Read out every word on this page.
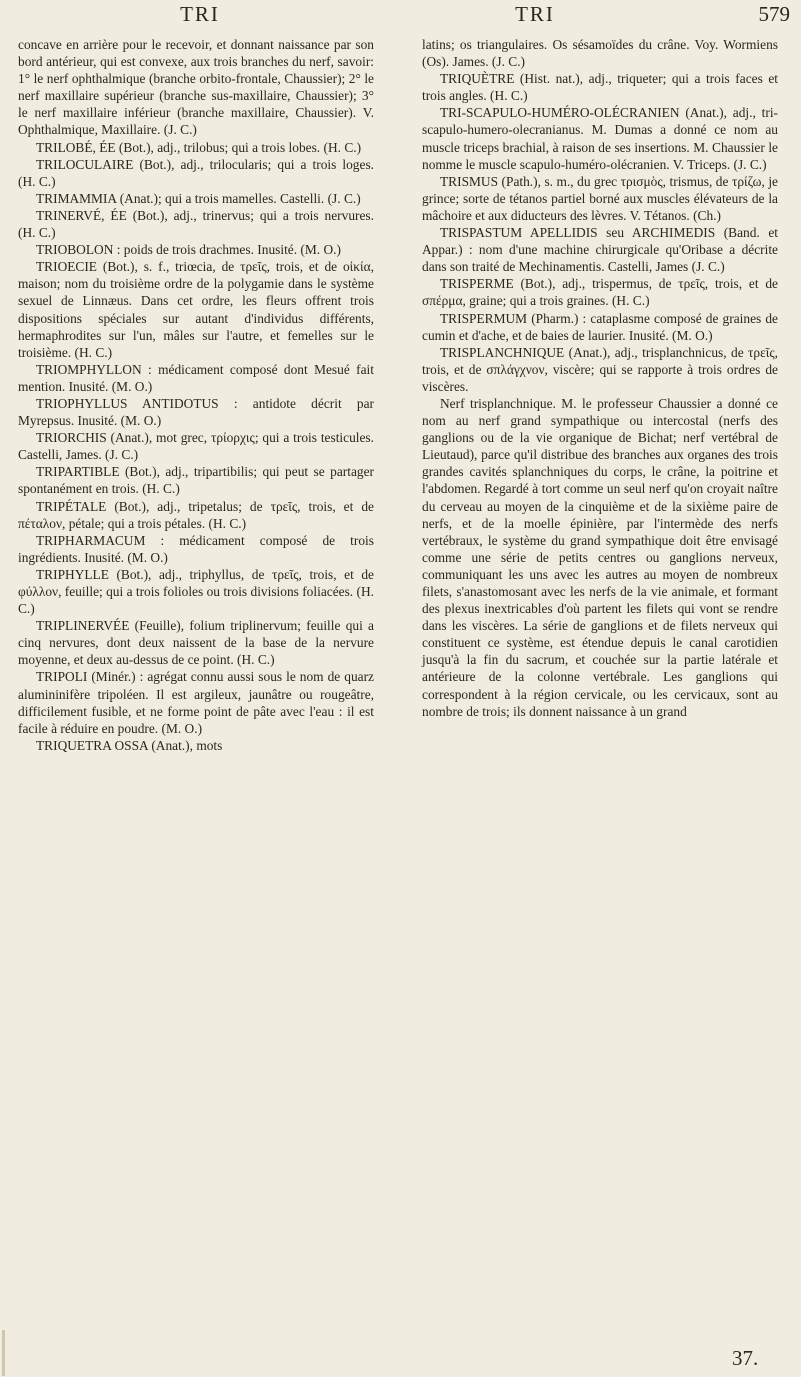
TRI	TRI	579

concave en arrière pour le recevoir, et donnant naissance par son bord antérieur, qui est convexe, aux trois branches du nerf, savoir: 1° le nerf ophthalmique (branche orbito-frontale, Chaussier); 2° le nerf maxillaire supérieur (branche sus-maxillaire, Chaussier); 3° le nerf maxillaire inférieur (branche maxillaire, Chaussier). V. Ophthalmique, Maxillaire. (J. C.)

TRILOBÉ, ÉE (Bot.), adj., trilobus; qui a trois lobes. (H. C.)

TRILOCULAIRE (Bot.), adj., trilocularis; qui a trois loges. (H. C.)

TRIMAMMIA (Anat.); qui a trois mamelles. Castelli. (J. C.)

TRINERVÉ, ÉE (Bot.), adj., trinervus; qui a trois nervures. (H. C.)

TRIOBOLON : poids de trois drachmes. Inusité. (M. O.)

TRIOECIE (Bot.), s. f., triœcia, de τρεῖς, trois, et de οἰκία, maison; nom du troisième ordre de la polygamie dans le système sexuel de Linnæus. Dans cet ordre, les fleurs offrent trois dispositions spéciales sur autant d'individus différents, hermaphrodites sur l'un, mâles sur l'autre, et femelles sur le troisième. (H. C.)

TRIOMPHYLLON : médicament composé dont Mesué fait mention. Inusité. (M. O.)

TRIOPHYLLUS ANTIDOTUS : antidote décrit par Myrepsus. Inusité. (M. O.)

TRIORCHIS (Anat.), mot grec, τρίορχις; qui a trois testicules. Castelli, James. (J. C.)

TRIPARTIBLE (Bot.), adj., tripartibilis; qui peut se partager spontanément en trois. (H. C.)

TRIPÉTALE (Bot.), adj., tripetalus; de τρεῖς, trois, et de πέταλον, pétale; qui a trois pétales. (H. C.)

TRIPHARMACUM : médicament composé de trois ingrédients. Inusité. (M. O.)

TRIPHYLLE (Bot.), adj., triphyllus, de τρεῖς, trois, et de φύλλον, feuille; qui a trois folioles ou trois divisions foliacées. (H. C.)

TRIPLINERVÉE (Feuille), folium triplinervum; feuille qui a cinq nervures, dont deux naissent de la base de la nervure moyenne, et deux au-dessus de ce point. (H. C.)

TRIPOLI (Minér.) : agrégat connu aussi sous le nom de quarz alumininifère tripoléen. Il est argileux, jaunâtre ou rougeâtre, difficilement fusible, et ne forme point de pâte avec l'eau : il est facile à réduire en poudre. (M. O.)

TRIQUETRA OSSA (Anat.), mots

latins; os triangulaires. Os sésamoïdes du crâne. Voy. Wormiens (Os). James. (J. C.)

TRIQUÈTRE (Hist. nat.), adj., triqueter; qui a trois faces et trois angles. (H. C.)

TRI-SCAPULO-HUMÉRO-OLÉCRANIEN (Anat.), adj., tri-scapulo-humero-olecranianus. M. Dumas a donné ce nom au muscle triceps brachial, à raison de ses insertions. M. Chaussier le nomme le muscle scapulo-huméro-olécranien. V. Triceps. (J. C.)

TRISMUS (Path.), s. m., du grec τρισμὸς, trismus, de τρίζω, je grince; sorte de tétanos partiel borné aux muscles élévateurs de la mâchoire et aux diducteurs des lèvres. V. Tétanos. (Ch.)

TRISPASTUM APELLIDIS seu ARCHIMEDIS (Band. et Appar.) : nom d'une machine chirurgicale qu'Oribase a décrite dans son traité de Mechinamentis. Castelli, James (J. C.)

TRISPERME (Bot.), adj., trispermus, de τρεῖς, trois, et de σπέρμα, graine; qui a trois graines. (H. C.)

TRISPERMUM (Pharm.) : cataplasme composé de graines de cumin et d'ache, et de baies de laurier. Inusité. (M. O.)

TRISPLANCHNIQUE (Anat.), adj., trisplanchnicus, de τρεῖς, trois, et de σπλάγχνον, viscère; qui se rapporte à trois ordres de viscères.

Nerf trisplanchnique. M. le professeur Chaussier a donné ce nom au nerf grand sympathique ou intercostal (nerfs des ganglions ou de la vie organique de Bichat; nerf vertébral de Lieutaud), parce qu'il distribue des branches aux organes des trois grandes cavités splanchniques du corps, le crâne, la poitrine et l'abdomen. Regardé à tort comme un seul nerf qu'on croyait naître du cerveau au moyen de la cinquième et de la sixième paire de nerfs, et de la moelle épinière, par l'intermède des nerfs vertébraux, le système du grand sympathique doit être envisagé comme une série de petits centres ou ganglions nerveux, communiquant les uns avec les autres au moyen de nombreux filets, s'anastomosant avec les nerfs de la vie animale, et formant des plexus inextricables d'où partent les filets qui vont se rendre dans les viscères. La série de ganglions et de filets nerveux qui constituent ce système, est étendue depuis le canal carotidien jusqu'à la fin du sacrum, et couchée sur la partie latérale et antérieure de la colonne vertébrale. Les ganglions qui correspondent à la région cervicale, ou les cervicaux, sont au nombre de trois; ils donnent naissance à un grand

37.
